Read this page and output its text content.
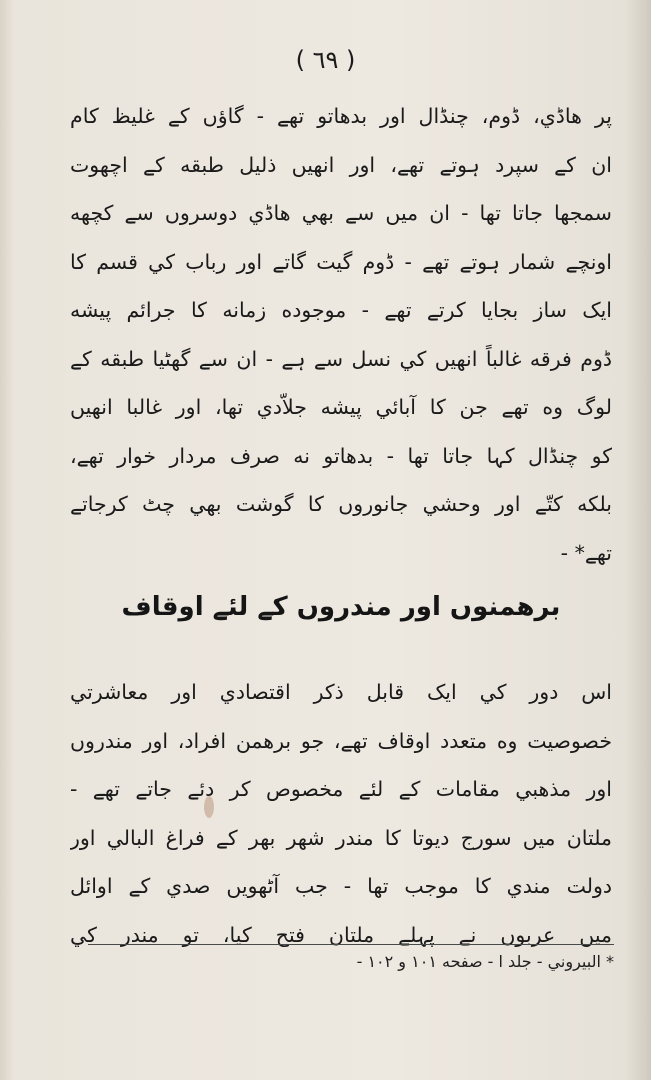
( ٦٩ )
پر هاڈي، ڈوم، چنڈال اور بدھاتو تھے - گاؤں کے غليظ کام
ان کے سپرد ہوتے تھے، اور انھيں ذليل طبقه کے اچھوت
سمجھا جاتا تھا - ان ميں سے بھي هاڈي دوسروں سے کچھه
اونچے شمار ہوتے تھے - ڈوم گيت گاتے اور رباب کي قسم کا
ايک ساز بجايا کرتے تھے - موجوده زمانه کا جرائم پيشه
ڈوم فرقه غالباً انھيں کي نسل سے ہے - ان سے گھٹيا طبقه کے
لوگ وه تھے جن کا آبائي پيشه جلاّدي تھا، اور غالبا انھيں
کو چنڈال کہا جاتا تھا - بدھاتو نه صرف مردار خوار تھے،
بلکه کتّے اور وحشي جانوروں کا گوشت بھي چٹ کرجاتے
تھے* -
برھمنوں اور مندروں کے لئے اوقاف
اس دور کي ايک قابل ذکر اقتصادي اور معاشرتي
خصوصيت وه متعدد اوقاف تھے، جو برھمن افراد، اور مندروں
اور مذهبي مقامات کے لئے مخصوص کر دئے جاتے تھے -
ملتان ميں سورج ديوتا کا مندر شهر بھر کے فراغ البالي اور
دولت مندي کا موجب تھا - جب آٹھويں صدي کے اوائل
ميں عربوں نے پہلے ملتان فتح کيا، تو مندر کي
* البيروني - جلد ا - صفحه ١٠١ و ١٠٢ -
